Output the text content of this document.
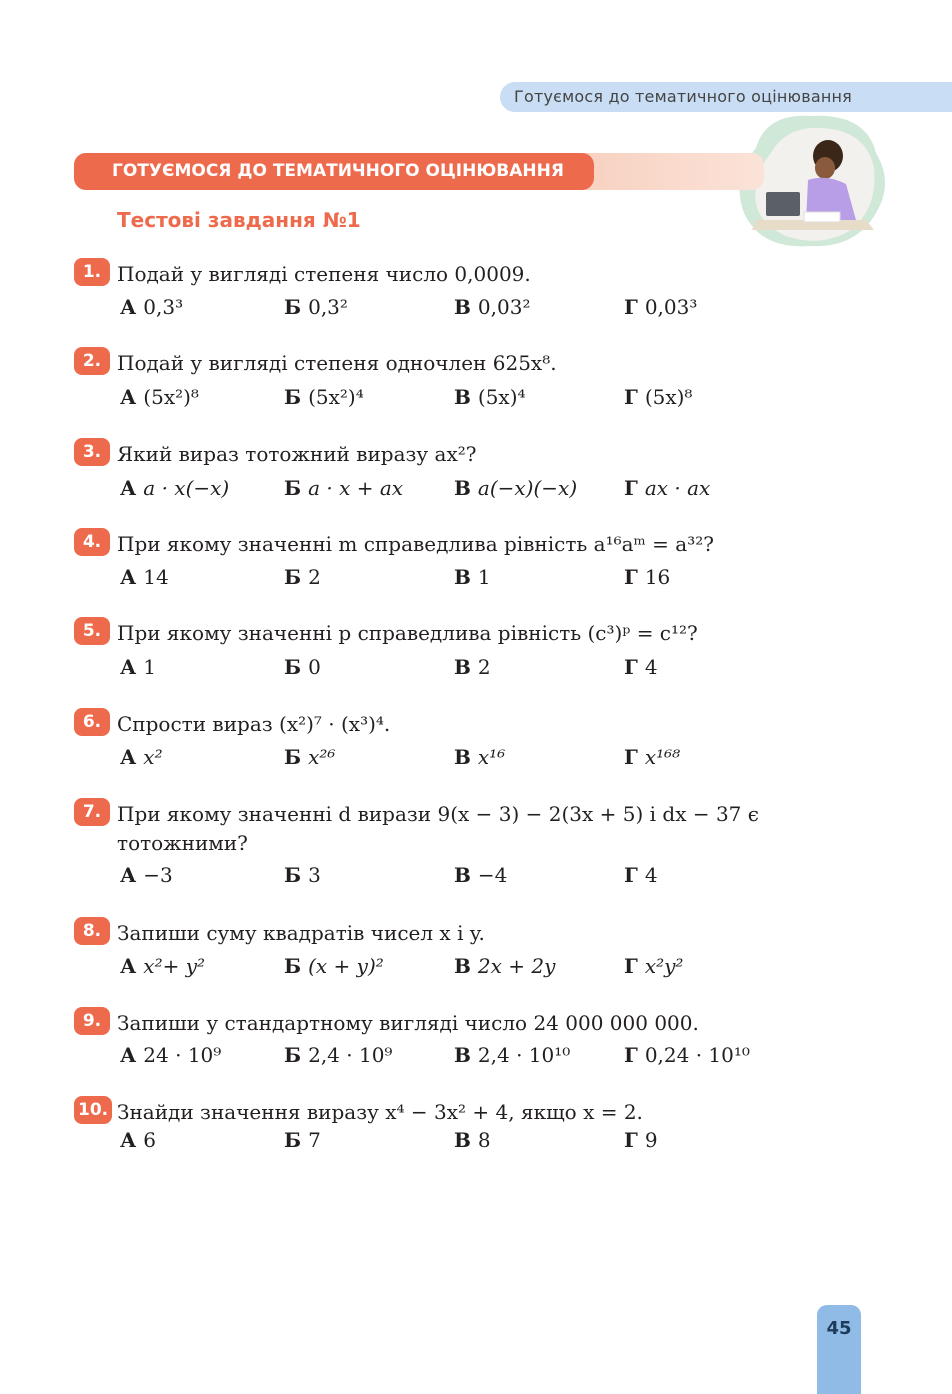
Готуємося до тематичного оцінювання
ГОТУЄМОСЯ ДО ТЕМАТИЧНОГО ОЦІНЮВАННЯ
Тестові завдання №1
1. Подай у вигляді степеня число 0,0009.
А 0,3³	Б 0,3²	В 0,03²	Г 0,03³
2. Подай у вигляді степеня одночлен 625x⁸.
А (5x²)⁸	Б (5x²)⁴	В (5x)⁴	Г (5x)⁸
3. Який вираз тотожний виразу ax²?
А a · x(−x)	Б a · x + ax	В a(−x)(−x) Г ax · ax
4. При якому значенні m справедлива рівність a¹⁶aᵐ = a³²?
А 14	Б 2	В 1	Г 16
5. При якому значенні p справедлива рівність (c³)ᵖ = c¹²?
А 1	Б 0	В 2	Г 4
6. Спрости вираз (x²)⁷ · (x³)⁴.
А x²	Б x²⁶	В x¹⁶	Г x¹⁶⁸
7. При якому значенні d вирази 9(x − 3) − 2(3x + 5) і dx − 37 є тотожними?
А −3	Б 3	В −4	Г 4
8. Запиши суму квадратів чисел x і y.
А x²+ y²	Б (x + y)²	В 2x + 2y	Г x²y²
9. Запиши у стандартному вигляді число 24 000 000 000.
А 24 · 10⁹	Б 2,4 · 10⁹	В 2,4 · 10¹⁰	Г 0,24 · 10¹⁰
10. Знайди значення виразу x⁴ − 3x² + 4, якщо x = 2.
А 6	Б 7	В 8	Г 9
45
